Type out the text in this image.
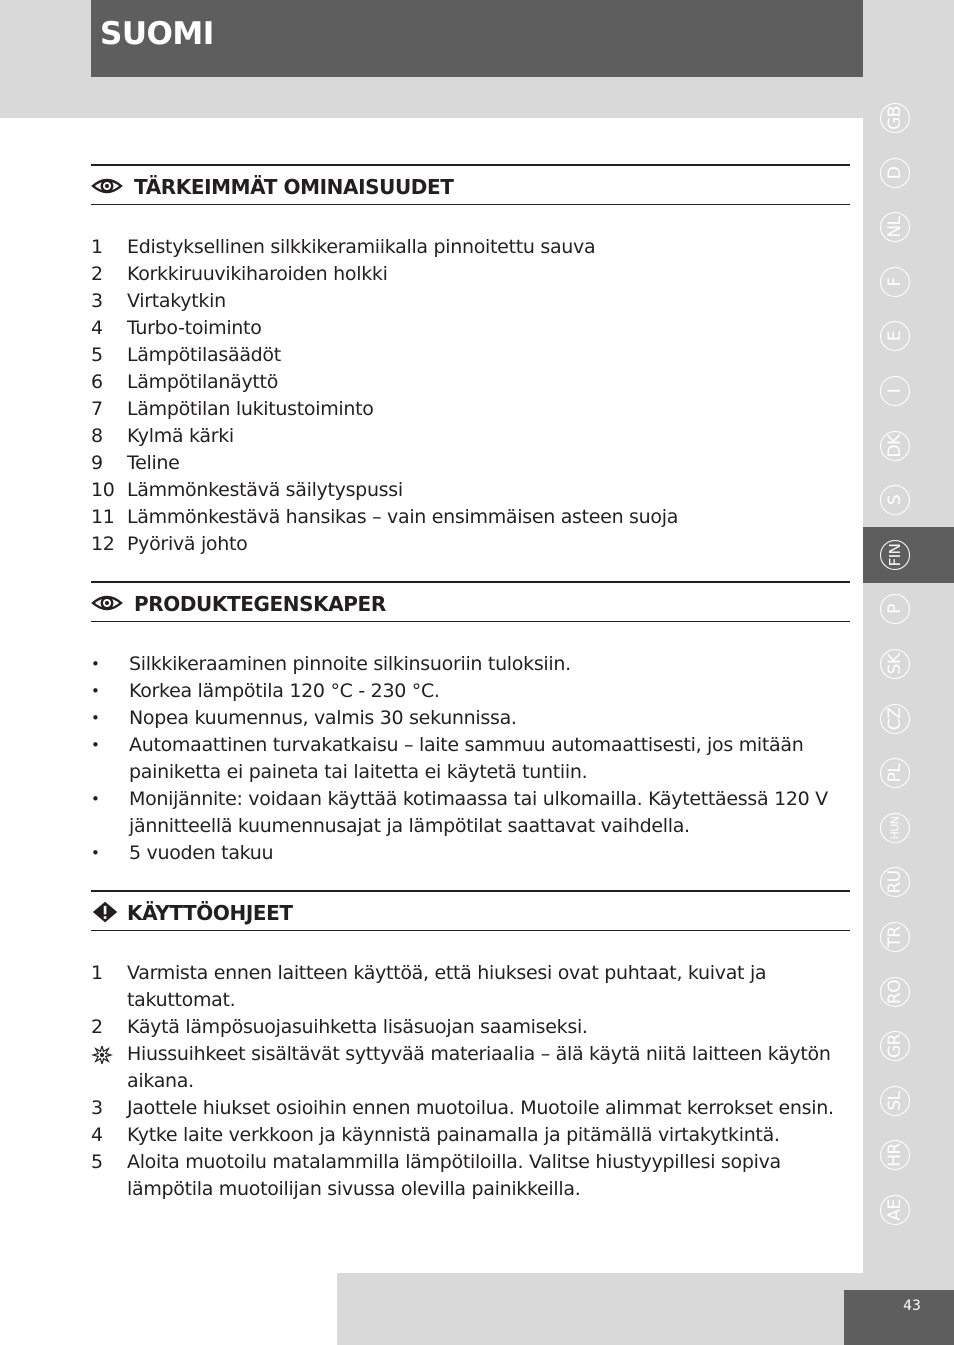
SUOMI
TÄRKEIMMÄT OMINAISUUDET
1 Edistyksellinen silkkikeramiikalla pinnoitettu sauva
2 Korkkiruuvikiharoiden holkki
3 Virtakytkin
4 Turbo-toiminto
5 Lämpötilasäädöt
6 Lämpötilanäyttö
7 Lämpötilan lukitustoiminto
8 Kylmä kärki
9 Teline
10 Lämmönkestävä säilytyspussi
11 Lämmönkestävä hansikas – vain ensimmäisen asteen suoja
12 Pyörivä johto
PRODUKTEGENSKAPER
• Silkkikeraaminen pinnoite silkinsuoriin tuloksiin.
• Korkea lämpötila 120 °C - 230 °C.
• Nopea kuumennus, valmis 30 sekunnissa.
• Automaattinen turvakatkaisu – laite sammuu automaattisesti, jos mitään painiketta ei paineta tai laitetta ei käytetä tuntiin.
• Monijännite: voidaan käyttää kotimaassa tai ulkomailla. Käytettäessä 120 V jännitteellä kuumennusajat ja lämpötilat saattavat vaihdella.
• 5 vuoden takuu
KÄYTTÖOHJEET
1 Varmista ennen laitteen käyttöä, että hiuksesi ovat puhtaat, kuivat ja takuttomat.
2 Käytä lämpösuojasuihketta lisäsuojan saamiseksi.
Hiussuihkeet sisältävät syttyvää materiaalia – älä käytä niitä laitteen käytön aikana.
3 Jaottele hiukset osioihin ennen muotoilua. Muotoile alimmat kerrokset ensin.
4 Kytke laite verkkoon ja käynnistä painamalla ja pitämällä virtakytkintä.
5 Aloita muotoilu matalammilla lämpötiloilla. Valitse hiustyypillesi sopiva lämpötila muotoilijan sivussa olevilla painikkeilla.
GB
D
NL
F
E
I
DK
S
FIN
P
SK
CZ
PL
HUN
RU
TR
RO
GR
SL
HR
AE
43
